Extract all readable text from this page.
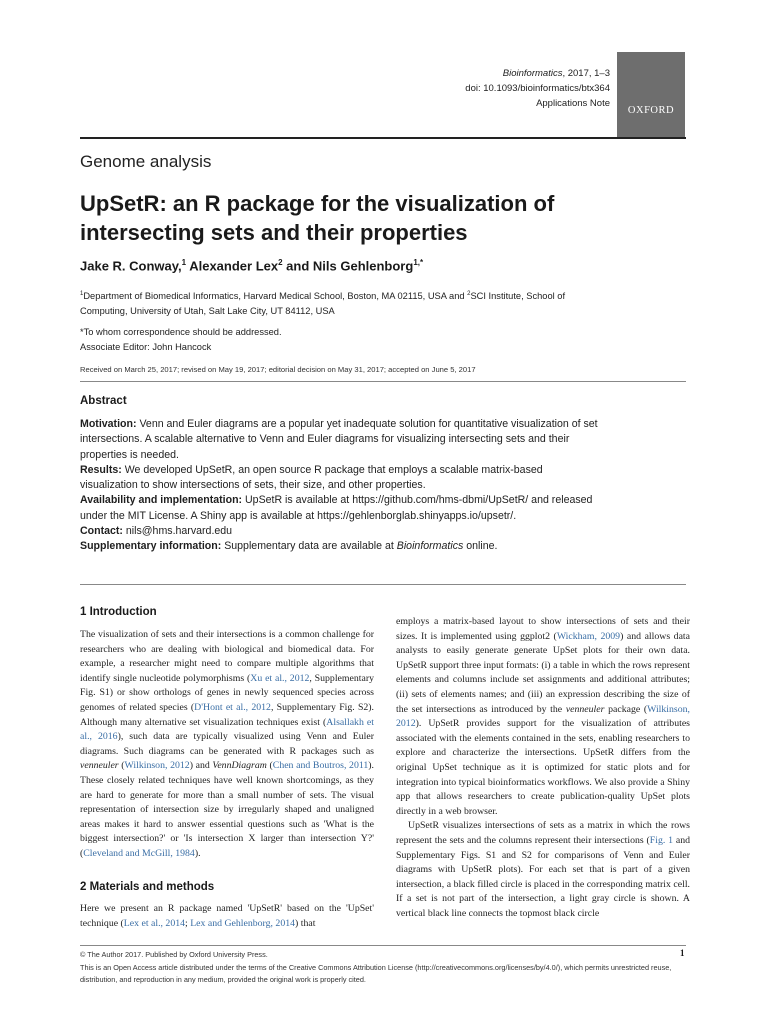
Bioinformatics, 2017, 1–3
doi: 10.1093/bioinformatics/btx364
Applications Note
OXFORD
Genome analysis
UpSetR: an R package for the visualization of intersecting sets and their properties
Jake R. Conway,$^1$ Alexander Lex$^2$ and Nils Gehlenborg$^{1,*}$
$^1$Department of Biomedical Informatics, Harvard Medical School, Boston, MA 02115, USA and $^2$SCI Institute, School of Computing, University of Utah, Salt Lake City, UT 84112, USA
*To whom correspondence should be addressed.
Associate Editor: John Hancock
Received on March 25, 2017; revised on May 19, 2017; editorial decision on May 31, 2017; accepted on June 5, 2017
Abstract
Motivation: Venn and Euler diagrams are a popular yet inadequate solution for quantitative visualization of set intersections. A scalable alternative to Venn and Euler diagrams for visualizing intersecting sets and their properties is needed.
Results: We developed UpSetR, an open source R package that employs a scalable matrix-based visualization to show intersections of sets, their size, and other properties.
Availability and implementation: UpSetR is available at https://github.com/hms-dbmi/UpSetR/ and released under the MIT License. A Shiny app is available at https://gehlenborglab.shinyapps.io/upsetr/.
Contact: nils@hms.harvard.edu
Supplementary information: Supplementary data are available at Bioinformatics online.
1 Introduction

The visualization of sets and their intersections is a common challenge for researchers who are dealing with biological and biomedical data. For example, a researcher might need to compare multiple algorithms that identify single nucleotide polymorphisms (Xu et al., 2012, Supplementary Fig. S1) or show orthologs of genes in newly sequenced species across genomes of related species (D'Hont et al., 2012, Supplementary Fig. S2). Although many alternative set visualization techniques exist (Alsallakh et al., 2016), such data are typically visualized using Venn and Euler diagrams. Such diagrams can be generated with R packages such as venneuler (Wilkinson, 2012) and VennDiagram (Chen and Boutros, 2011). These closely related techniques have well known shortcomings, as they are hard to generate for more than a small number of sets. The visual representation of intersection size by irregularly shaped and unaligned areas makes it hard to answer essential questions such as 'What is the biggest intersection?' or 'Is intersection X larger than intersection Y?' (Cleveland and McGill, 1984).

2 Materials and methods

Here we present an R package named 'UpSetR' based on the 'UpSet' technique (Lex et al., 2014; Lex and Gehlenborg, 2014) that

employs a matrix-based layout to show intersections of sets and their sizes. It is implemented using ggplot2 (Wickham, 2009) and allows data analysts to easily generate generate UpSet plots for their own data. UpSetR support three input formats: (i) a table in which the rows represent elements and columns include set assignments and additional attributes; (ii) sets of elements names; and (iii) an expression describing the size of the set intersections as introduced by the venneuler package (Wilkinson, 2012). UpSetR provides support for the visualization of attributes associated with the elements contained in the sets, enabling researchers to explore and characterize the intersections. UpSetR differs from the original UpSet technique as it is optimized for static plots and for integration into typical bioinformatics workflows. We also provide a Shiny app that allows researchers to create publication-quality UpSet plots directly in a web browser.

UpSetR visualizes intersections of sets as a matrix in which the rows represent the sets and the columns represent their intersections (Fig. 1 and Supplementary Figs. S1 and S2 for comparisons of Venn and Euler diagrams with UpSetR plots). For each set that is part of a given intersection, a black filled circle is placed in the corresponding matrix cell. If a set is not part of the intersection, a light gray circle is shown. A vertical black line connects the topmost black circle

© The Author 2017. Published by Oxford University Press.
This is an Open Access article distributed under the terms of the Creative Commons Attribution License (http://creativecommons.org/licenses/by/4.0/), which permits unrestricted reuse, distribution, and reproduction in any medium, provided the original work is properly cited.
1
